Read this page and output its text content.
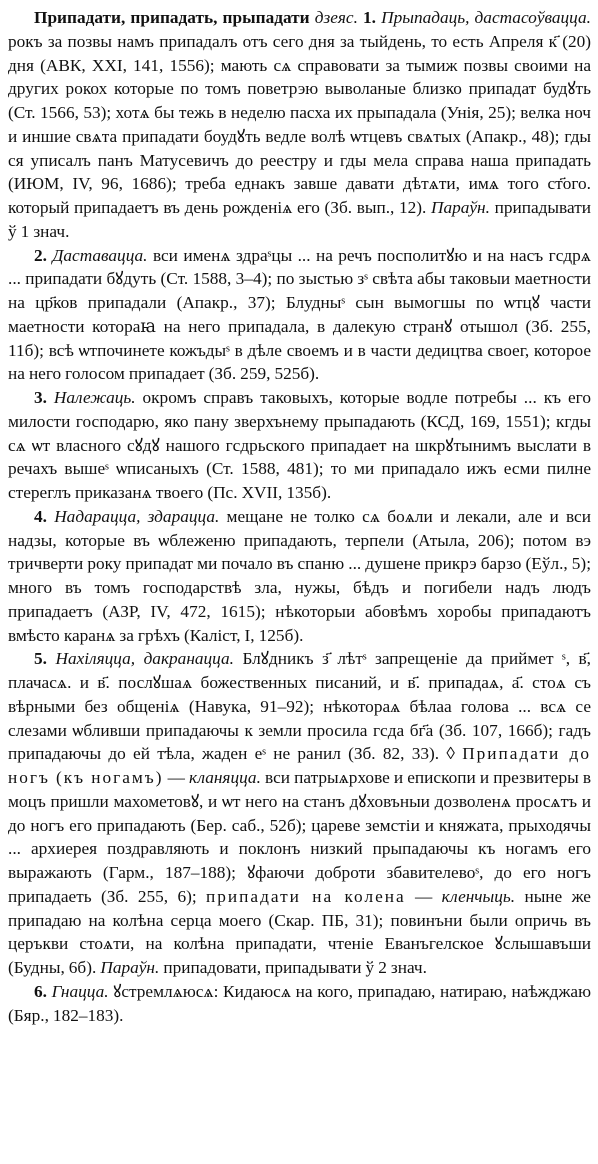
Припадати, припадать, прыпадати дзеяс. 1. Прыпадаць, дастасоўвацца. рокъ за позвы намъ припадалъ отъ сего дня за тыйдень, то есть Апреля к҃ (20) дня (АВК, XXI, 141, 1556); мають сѧ справовати за тымиж позвы своими на других рокох которые по томъ поветрэю выволаные близко припадат будꙋть (Ст. 1566, 53); хотѧ бы тежь в неделю пасха их прыпадала (Унія, 25); велка ноч и иншие свѧта припадати боудꙋть ведле волѣ ѡтцевъ свѧтых (Апакр., 48); гды ся уписалъ панъ Матусевичъ до реестру и гды мела справа наша припадать (ИЮМ, IV, 96, 1686); треба еднакъ завше давати дѣтѧти, имѧ того ст҃ого. который припадаетъ въ день рожденіѧ его (Зб. вып., 12). Параўн. припадывати ў 1 знач.

2. Даставацца. вси именѧ здраˢцы ... на речъ посполитꙋю и на насъ гсдрѧ ... припадати бꙋдуть (Ст. 1588, 3–4); по зыстью зˢ свѣта абы таковыи маетности на цр҃ков припадали (Апакр., 37); Блудныˢ сын вымогшы по ѡтцꙋ части маетности котораꙗ на него припадала, в далекую странꙋ отышол (Зб. 255, 11б); всѣ ѡтпочинете кожъдыˢ в дѣле своемъ и в части дедицтва своег, которое на него голосом припадает (Зб. 259, 525б).

3. Належаць. окромъ справъ таковыхъ, которые водле потребы ... къ его милости господарю, яко пану зверхънему прыпадають (КСД, 169, 1551); кгды сѧ ѡт власного сꙋдꙋ нашого гсдрьского припадает на шкрꙋтынимъ выслати в речахъ вышеˢ ѡписаныхъ (Ст. 1588, 481); то ми припадало ижъ есми пилне стереглъ приказанѧ твоего (Пс. XVII, 135б).

4. Надарацца, здарацца. мещане не толко сѧ боѧли и лекали, але и вси надзы, которые въ ѡблеженю припадають, терпели (Атыла, 206); потом вэ тричверти року припадат ми почало въ спаню ... душене прикрэ барзо (Еўл., 5); много въ томъ господарствѣ зла, нужы, бѣдъ и погибели надъ людъ припадаетъ (АЗР, IV, 472, 1615); нѣкоторыи абовѣмъ хоробы припадаютъ вмѣсто каранѧ за грѣхъ (Каліст, I, 125б).

5. Нахіляцца, дакранацца. Блꙋдникъ з҃ лѣтˢ запрещеніе да приймет ˢ, в҃, плачасѧ. и в҃. послꙋшаѧ божественных писаний, и в҃. припадаѧ, а҃. стоѧ съ вѣрными без общеніѧ (Навука, 91–92); нѣкотораѧ бѣлаа голова ... всѧ се слезами ѡбливши припадаючы к земли просила гсда бг҃а (Зб. 107, 166б); гадъ припадаючы до ей тѣла, жаден еˢ не ранил (Зб. 82, 33). ◊ Припадати до ногъ (къ ногамъ) — кланяцца. вси патрыѧрхове и епископи и презвитеры в моцъ пришли махометовꙋ, и ѡт него на станъ дꙋховъныи дозволенѧ просѧтъ и до ногъ его припадають (Бер. саб., 52б); царевe земстіи и княжата, прыходячы ... архиерея поздравляють и поклонъ низкий прыпадаючы къ ногамъ его выражають (Гарм., 187–188); ꙋфаючи доброти збавителевоˢ, до его ногъ припадаеть (Зб. 255, 6); припадати на колена — кленчыць. ныне же припадаю на колѣна серца моего (Скар. ПБ, 31); повинъни были опричь въ церъкви стоѧти, на колѣна припадати, чтеніе Еванъгелское ꙋслышавъши (Будны, 6б). Параўн. припадовати, припадывати ў 2 знач.

6. Гнацца. ꙋстремлѧюсѧ: Кидаюсѧ на кого, припадаю, натираю, наѣжджаю (Бяр., 182–183).
